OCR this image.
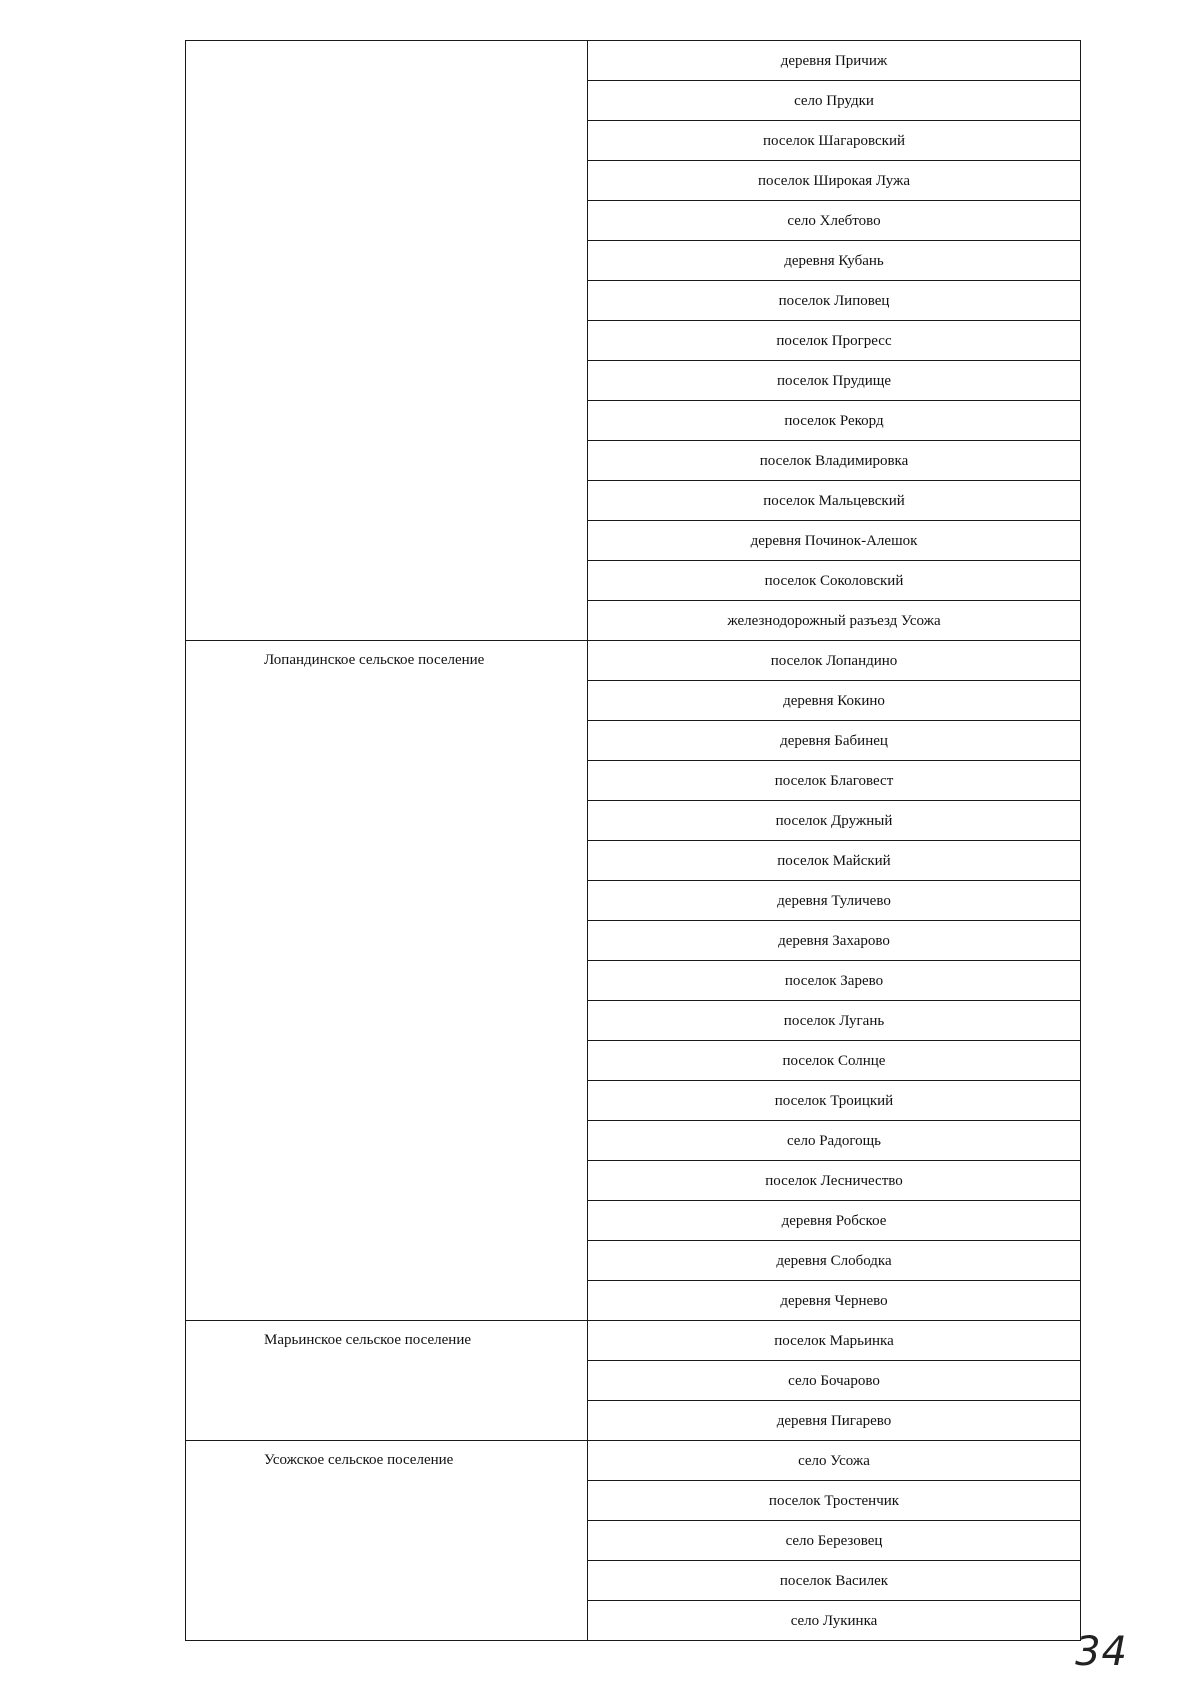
	деревня Причиж
	село Прудки
	поселок Шагаровский
	поселок Широкая Лужа
	село Хлебтово
	деревня Кубань
	поселок Липовец
	поселок Прогресс
	поселок Прудище
	поселок Рекорд
	поселок Владимировка
	поселок Мальцевский
	деревня Починок-Алешок
	поселок Соколовский
	железнодорожный разъезд Усожа
Лопандинское сельское поселение	поселок Лопандино
	деревня Кокино
	деревня Бабинец
	поселок Благовест
	поселок Дружный
	поселок Майский
	деревня Туличево
	деревня Захарово
	поселок Зарево
	поселок Лугань
	поселок Солнце
	поселок Троицкий
	село Радогощь
	поселок Лесничество
	деревня Робское
	деревня Слободка
	деревня Чернево
Марьинское сельское поселение	поселок Марьинка
	село Бочарово
	деревня Пигарево
Усожское сельское поселение	село Усожа
	поселок Тростенчик
	село Березовец
	поселок Василек
	село Лукинка
34
